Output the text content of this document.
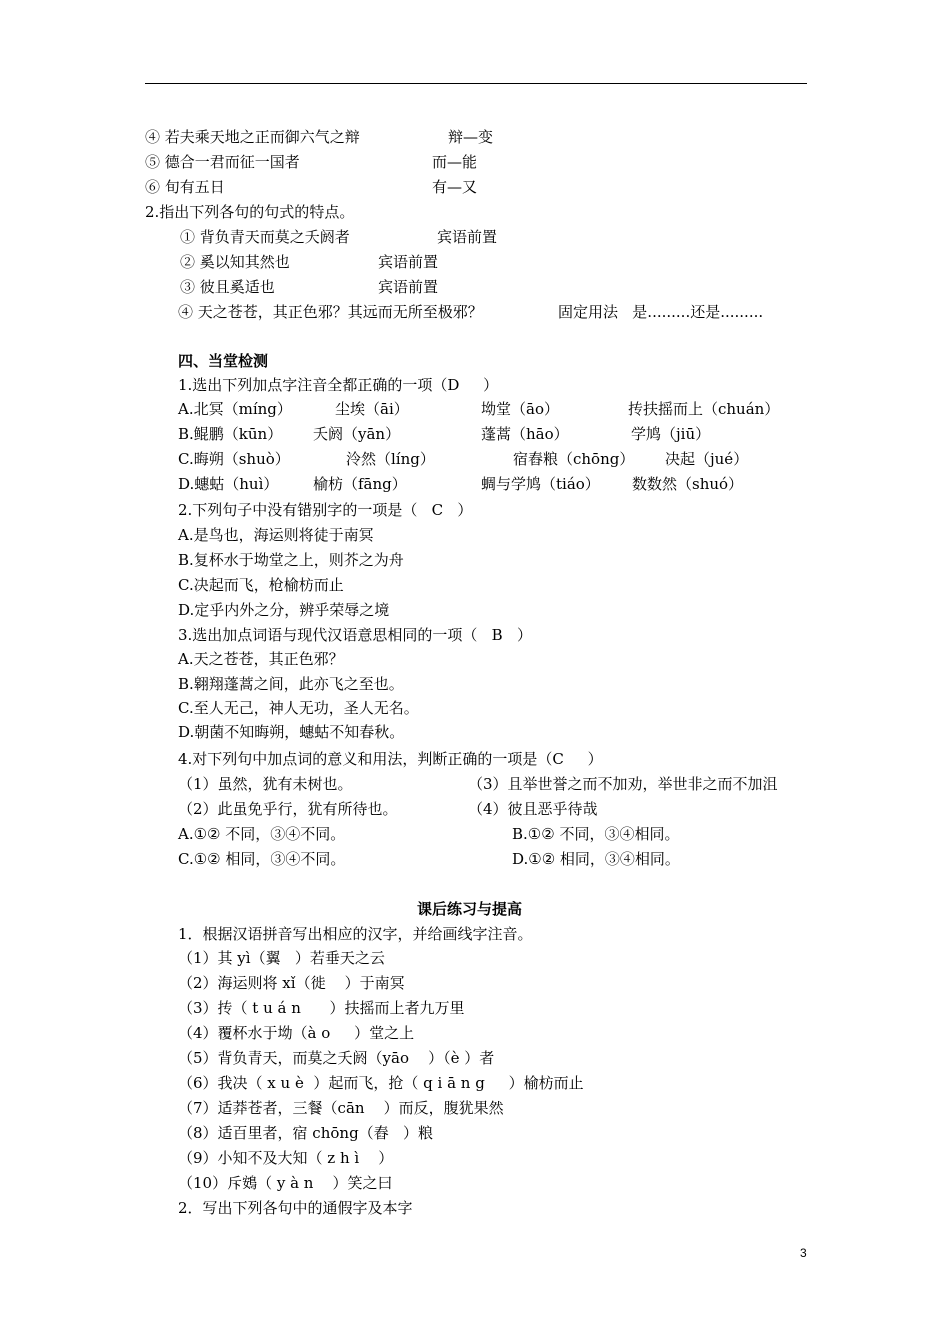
④ 若夫乘天地之正而御六气之辩	辩—变
⑤ 德合一君而征一国者	而—能
⑥ 旬有五日	有—又
2.指出下列各句的句式的特点。
① 背负青天而莫之夭阏者	宾语前置
② 奚以知其然也	宾语前置
③ 彼且奚适也	宾语前置
④ 天之苍苍，其正色邪？其远而无所至极邪？	固定用法   是.........还是.........
四、当堂检测
1.选出下列加点字注音全都正确的一项（D     ）
A.北冥（míng）	尘埃（āi）	坳堂（āo）	抟扶摇而上（chuán）
B.鲲鹏（kūn） 夭阏（yān）	蓬蒿（hāo）	学鸠（jiū）
C.晦朔（shuò）	泠然（líng）	宿舂粮（chōng） 决起（jué）
D.蟪蛄（huì） 榆枋（fāng）	蜩与学鸠（tiáo） 数数然（shuó）
2.下列句子中没有错别字的一项是（   C   ）
A.是鸟也，海运则将徒于南冥
B.复杯水于坳堂之上，则芥之为舟
C.决起而飞，枪榆枋而止
D.定乎内外之分，辨乎荣辱之境
3.选出加点词语与现代汉语意思相同的一项（   B   ）
A.天之苍苍，其正色邪？
B.翱翔蓬蒿之间，此亦飞之至也。
C.至人无己，神人无功，圣人无名。
D.朝菌不知晦朔，蟪蛄不知春秋。
4.对下列句中加点词的意义和用法，判断正确的一项是（C     ）
（1）虽然，犹有未树也。	（3）且举世誉之而不加劝，举世非之而不加沮
（2）此虽免乎行，犹有所待也。	（4）彼且恶乎待哉
A.①② 不同，③④不同。	B.①② 不同，③④相同。
C.①② 相同，③④不同。	D.①② 相同，③④相同。
课后练习与提高
1．根据汉语拼音写出相应的汉字，并给画线字注音。
（1）其 yì（翼   ）若垂天之云
（2）海运则将 xǐ（徙    ）于南冥
（3）抟（ t u á n      ）扶摇而上者九万里
（4）覆杯水于坳（à o     ）堂之上
（5）背负青天，而莫之夭阏（yāo    ）（è ）者
（6）我决（ x u è  ）起而飞，抢（ q i ā n g     ）榆枋而止
（7）适莽苍者，三餐（cān    ）而反，腹犹果然
（8）适百里者，宿 chōng（舂   ）粮
（9）小知不及大知（ z h ì    ）
（10）斥鴳（ y à n    ）笑之曰
2．写出下列各句中的通假字及本字
3
